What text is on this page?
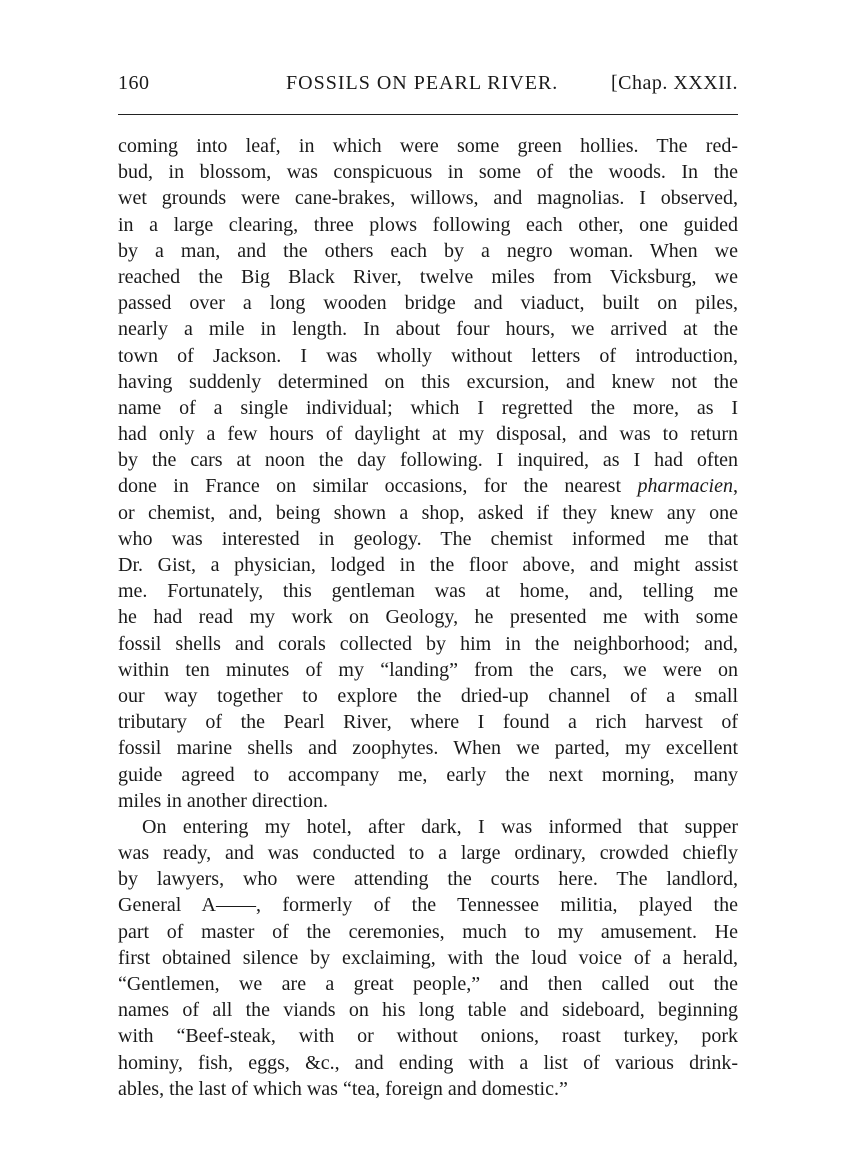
160	FOSSILS ON PEARL RIVER.	[Chap. XXXII.
coming into leaf, in which were some green hollies. The red-
bud, in blossom, was conspicuous in some of the woods. In the
wet grounds were cane-brakes, willows, and magnolias. I observed,
in a large clearing, three plows following each other, one guided
by a man, and the others each by a negro woman. When we
reached the Big Black River, twelve miles from Vicksburg, we
passed over a long wooden bridge and viaduct, built on piles,
nearly a mile in length. In about four hours, we arrived at the
town of Jackson. I was wholly without letters of introduction,
having suddenly determined on this excursion, and knew not the
name of a single individual; which I regretted the more, as I
had only a few hours of daylight at my disposal, and was to return
by the cars at noon the day following. I inquired, as I had often
done in France on similar occasions, for the nearest pharmacien,
or chemist, and, being shown a shop, asked if they knew any one
who was interested in geology. The chemist informed me that
Dr. Gist, a physician, lodged in the floor above, and might assist
me. Fortunately, this gentleman was at home, and, telling me
he had read my work on Geology, he presented me with some
fossil shells and corals collected by him in the neighborhood; and,
within ten minutes of my “landing” from the cars, we were on
our way together to explore the dried-up channel of a small
tributary of the Pearl River, where I found a rich harvest of
fossil marine shells and zoophytes. When we parted, my excellent
guide agreed to accompany me, early the next morning, many
miles in another direction.
On entering my hotel, after dark, I was informed that supper
was ready, and was conducted to a large ordinary, crowded chiefly
by lawyers, who were attending the courts here. The landlord,
General A——, formerly of the Tennessee militia, played the
part of master of the ceremonies, much to my amusement. He
first obtained silence by exclaiming, with the loud voice of a herald,
“Gentlemen, we are a great people,” and then called out the
names of all the viands on his long table and sideboard, beginning
with “Beef-steak, with or without onions, roast turkey, pork
hominy, fish, eggs, &c., and ending with a list of various drink-
ables, the last of which was “tea, foreign and domestic.”
